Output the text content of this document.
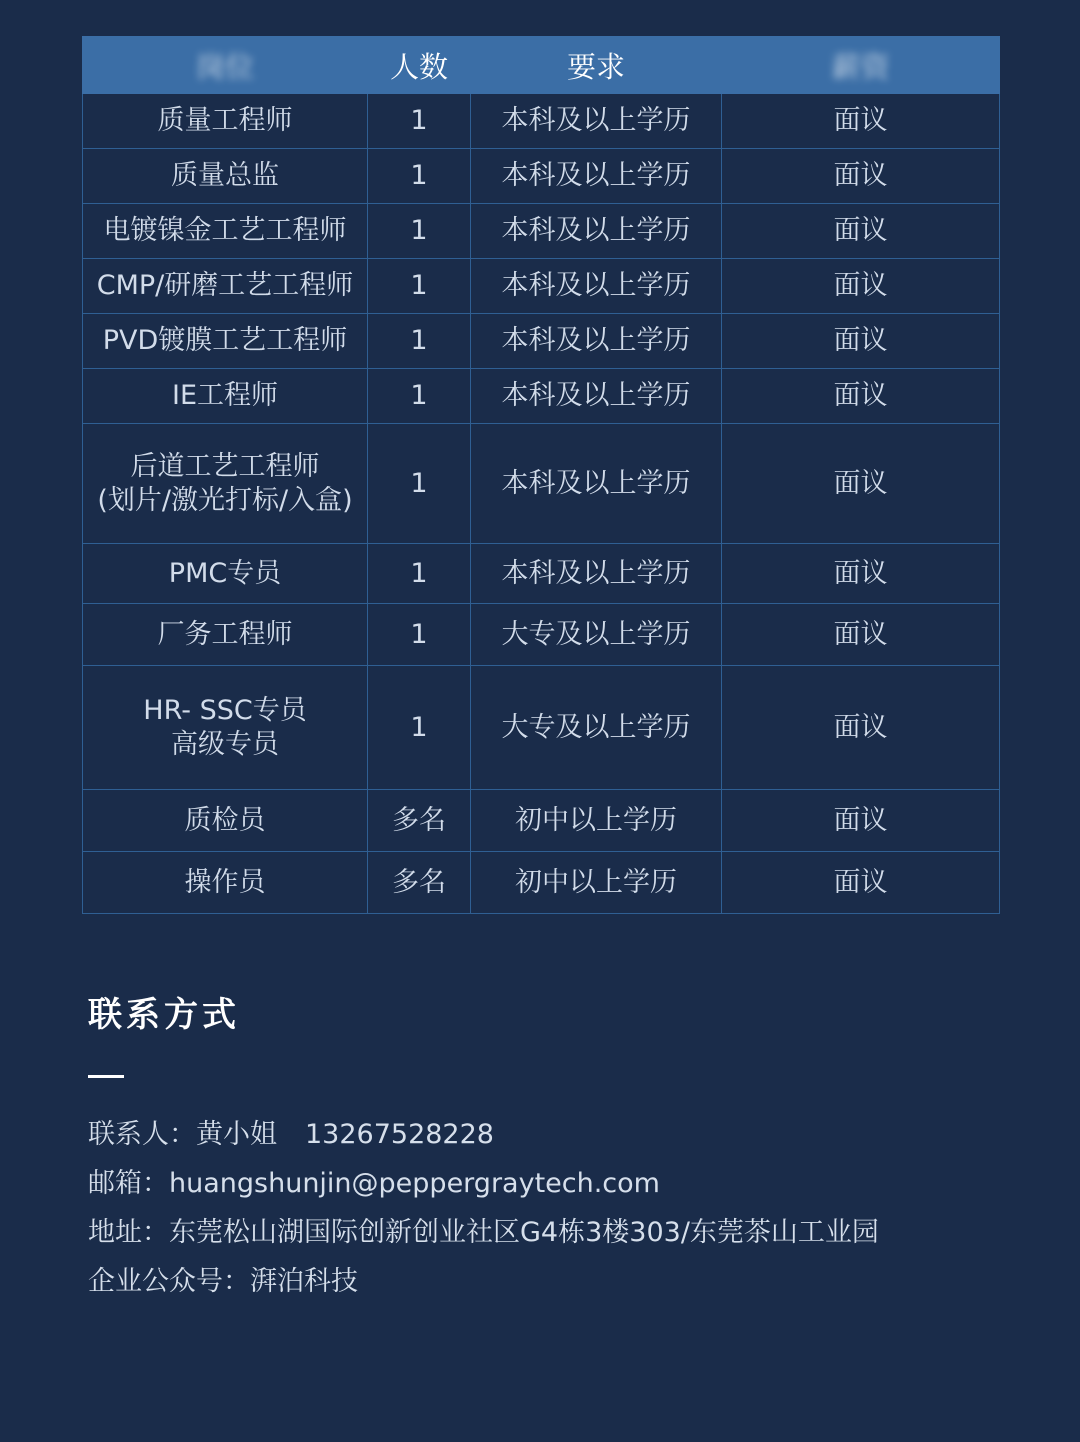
岗位	人数	要求	薪资

质量工程师	1	本科及以上学历	面议

质量总监	1	本科及以上学历	面议

电镀镍金工艺工程师	1	本科及以上学历	面议

CMP/研磨工艺工程师	1	本科及以上学历	面议

PVD镀膜工艺工程师	1	本科及以上学历	面议

IE工程师	1	本科及以上学历	面议

后道工艺工程师
(划片/激光打标/入盒)	1	本科及以上学历	面议

PMC专员	1	本科及以上学历	面议

厂务工程师	1	大专及以上学历	面议

HR- SSC专员
高级专员	1	大专及以上学历	面议

质检员	多名	初中以上学历	面议

操作员	多名	初中以上学历	面议
联系方式
联系人：黄小姐 13267528228
邮箱：huangshunjin@peppergraytech.com
地址：东莞松山湖国际创新创业社区G4栋3楼303/东莞茶山工业园
企业公众号：湃泊科技
